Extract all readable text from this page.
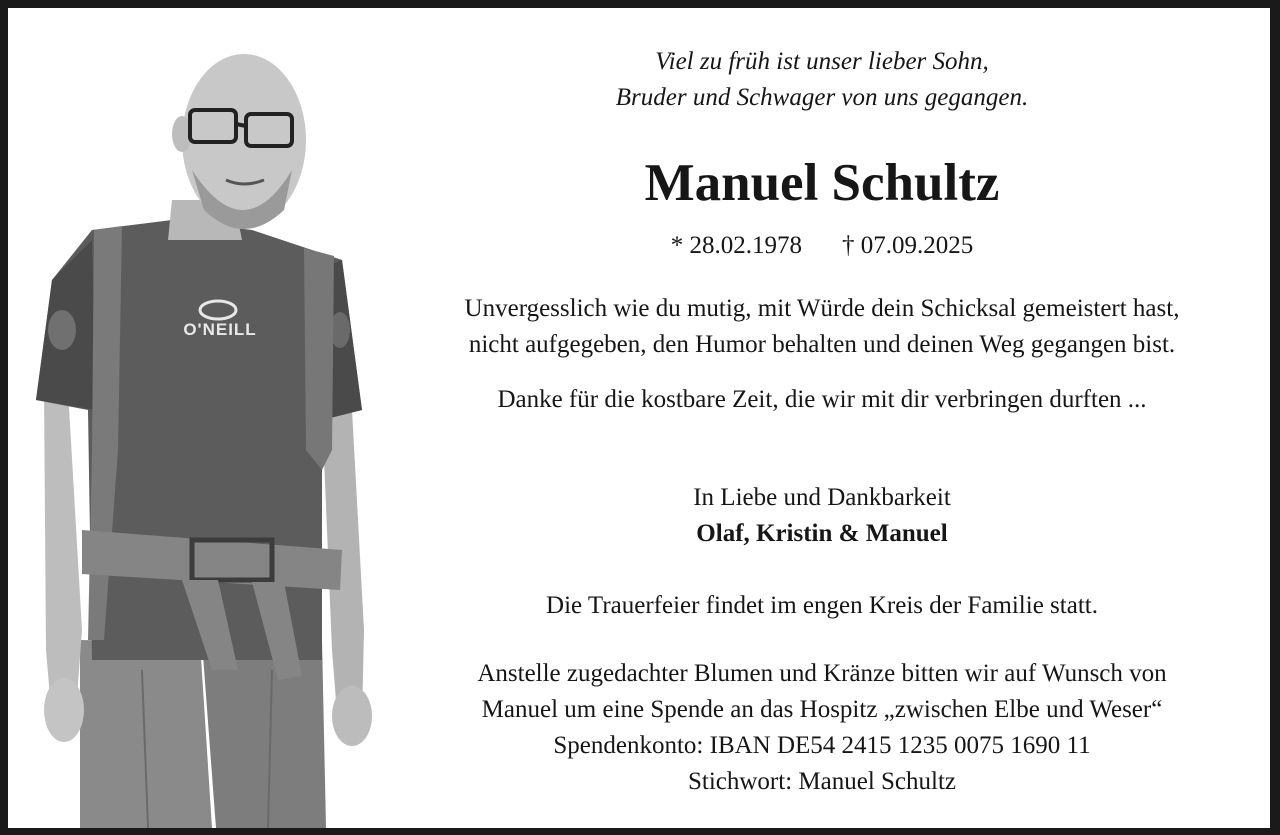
O'NEILL
Viel zu früh ist unser lieber Sohn,
Bruder und Schwager von uns gegangen.
Manuel Schultz
* 28.02.1978 † 07.09.2025
Unvergesslich wie du mutig, mit Würde dein Schicksal gemeistert hast,
nicht aufgegeben, den Humor behalten und deinen Weg gegangen bist.
Danke für die kostbare Zeit, die wir mit dir verbringen durften ...
In Liebe und Dankbarkeit
Olaf, Kristin & Manuel
Die Trauerfeier findet im engen Kreis der Familie statt.
Anstelle zugedachter Blumen und Kränze bitten wir auf Wunsch von
Manuel um eine Spende an das Hospitz „zwischen Elbe und Weser“
Spendenkonto: IBAN DE54 2415 1235 0075 1690 11
Stichwort: Manuel Schultz
